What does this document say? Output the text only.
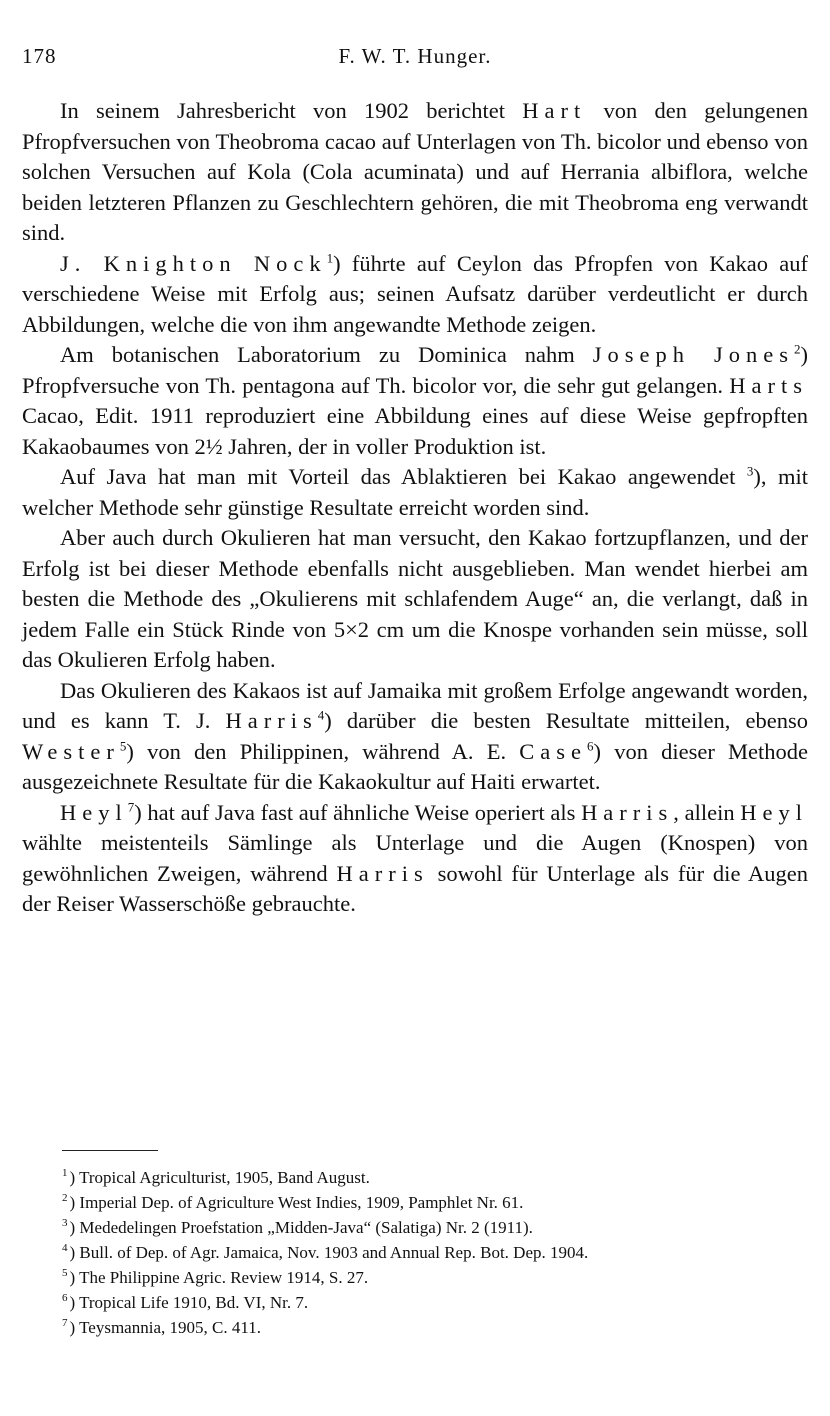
178	F. W. T. Hunger.

In seinem Jahresbericht von 1902 berichtet Hart von den gelungenen Pfropfversuchen von Theobroma cacao auf Unterlagen von Th. bicolor und ebenso von solchen Versuchen auf Kola (Cola acuminata) und auf Herrania albiflora, welche beiden letzteren Pflanzen zu Geschlechtern gehören, die mit Theobroma eng verwandt sind.

J. Knighton Nock$^1$) führte auf Ceylon das Pfropfen von Kakao auf verschiedene Weise mit Erfolg aus; seinen Aufsatz darüber verdeutlicht er durch Abbildungen, welche die von ihm angewandte Methode zeigen.

Am botanischen Laboratorium zu Dominica nahm Joseph Jones$^2$) Pfropfversuche von Th. pentagona auf Th. bicolor vor, die sehr gut gelangen. Harts Cacao, Edit. 1911 reproduziert eine Abbildung eines auf diese Weise gepfropften Kakaobaumes von 2½ Jahren, der in voller Produktion ist.

Auf Java hat man mit Vorteil das Ablaktieren bei Kakao angewendet $^3$), mit welcher Methode sehr günstige Resultate erreicht worden sind.

Aber auch durch Okulieren hat man versucht, den Kakao fortzupflanzen, und der Erfolg ist bei dieser Methode ebenfalls nicht ausgeblieben. Man wendet hierbei am besten die Methode des „Okulierens mit schlafendem Auge“ an, die verlangt, daß in jedem Falle ein Stück Rinde von 5×2 cm um die Knospe vorhanden sein müsse, soll das Okulieren Erfolg haben.

Das Okulieren des Kakaos ist auf Jamaika mit großem Erfolge angewandt worden, und es kann T. J. Harris$^4$) darüber die besten Resultate mitteilen, ebenso Wester$^5$) von den Philippinen, während A. E. Case$^6$) von dieser Methode ausgezeichnete Resultate für die Kakaokultur auf Haiti erwartet.

Heyl$^7$) hat auf Java fast auf ähnliche Weise operiert als Harris, allein Heyl wählte meistenteils Sämlinge als Unterlage und die Augen (Knospen) von gewöhnlichen Zweigen, während Harris sowohl für Unterlage als für die Augen der Reiser Wasserschöße gebrauchte.

$^1$ ) Tropical Agriculturist, 1905, Band August.
$^2$ ) Imperial Dep. of Agriculture West Indies, 1909, Pamphlet Nr. 61.
$^3$ ) Mededelingen Proefstation „Midden-Java“ (Salatiga) Nr. 2 (1911).
$^4$ ) Bull. of Dep. of Agr. Jamaica, Nov. 1903 and Annual Rep. Bot. Dep. 1904.
$^5$ ) The Philippine Agric. Review 1914, S. 27.
$^6$ ) Tropical Life 1910, Bd. VI, Nr. 7.
$^7$ ) Teysmannia, 1905, C. 411.
